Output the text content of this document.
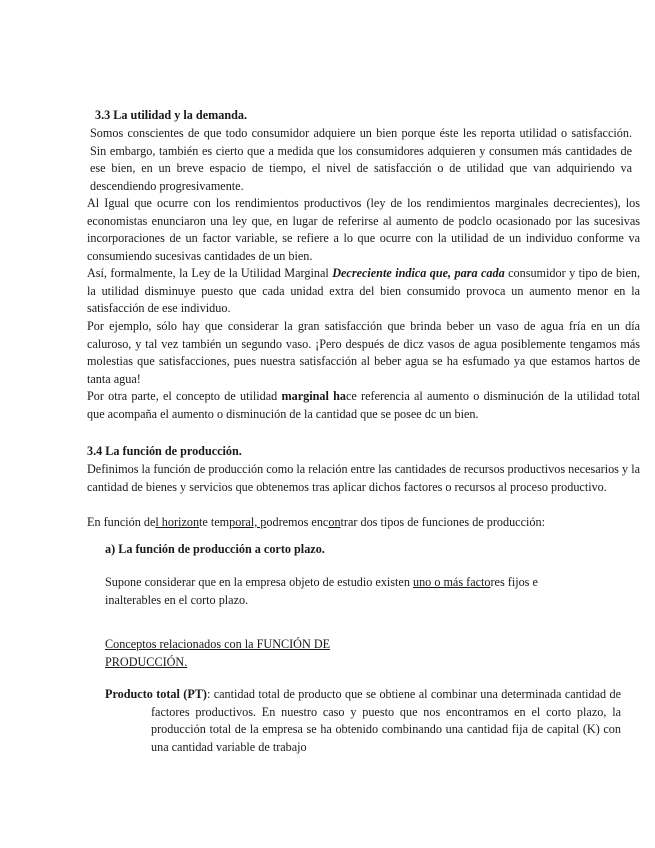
3.3 La utilidad y la demanda.

Somos conscientes de que todo consumidor adquiere un bien porque éste les reporta utilidad o satisfacción. Sin embargo, también es cierto que a medida que los consumidores adquieren y consumen más cantidades de ese bien, en un breve espacio de tiempo, el nivel de satisfacción o de utilidad que van adquiriendo va descendiendo progresivamente.

Al Igual que ocurre con los rendimientos productivos (ley de los rendimientos marginales decrecientes), los economistas enunciaron una ley que, en lugar de referirse al aumento de podclo ocasionado por las sucesivas incorporaciones de un factor variable, se refiere a lo que ocurre con la utilidad de un individuo conforme va consumiendo sucesivas cantidades de un bien.

Así, formalmente, la Ley de la Utilidad Marginal Decreciente indica que, para cada consumidor y tipo de bien, la utilidad disminuye puesto que cada unidad extra del bien consumido provoca un aumento menor en la satisfacción de ese individuo.

Por ejemplo, sólo hay que considerar la gran satisfacción que brinda beber un vaso de agua fría en un día caluroso, y tal vez también un segundo vaso. ¡Pero después de dicz vasos de agua posiblemente tengamos más molestias que satisfacciones, pues nuestra satisfacción al beber agua se ha esfumado ya que estamos hartos de tanta agua!

Por otra parte, el concepto de utilidad marginal hace referencia al aumento o disminución de la utilidad total que acompaña el aumento o disminución de la cantidad que se posee dc un bien.

3.4 La función de producción.

Definimos la función de producción como la relación entre las cantidades de recursos productivos necesarios y la cantidad de bienes y servicios que obtenemos tras aplicar dichos factores o recursos al proceso productivo.

En función del horizonte temporal, podremos encontrar dos tipos de funciones de producción:

a) La función de producción a corto plazo.

Supone considerar que en la empresa objeto de estudio existen uno o más factores fijos e inalterables en el corto plazo.

Conceptos relacionados con la FUNCIÓN DE

PRODUCCIÓN.

Producto total (PT): cantidad total de producto que se obtiene al combinar una determinada cantidad de factores productivos. En nuestro caso y puesto que nos encontramos en el corto plazo, la producción total de la empresa se ha obtenido combinando una cantidad fija de capital (K) con una cantidad variable de trabajo
